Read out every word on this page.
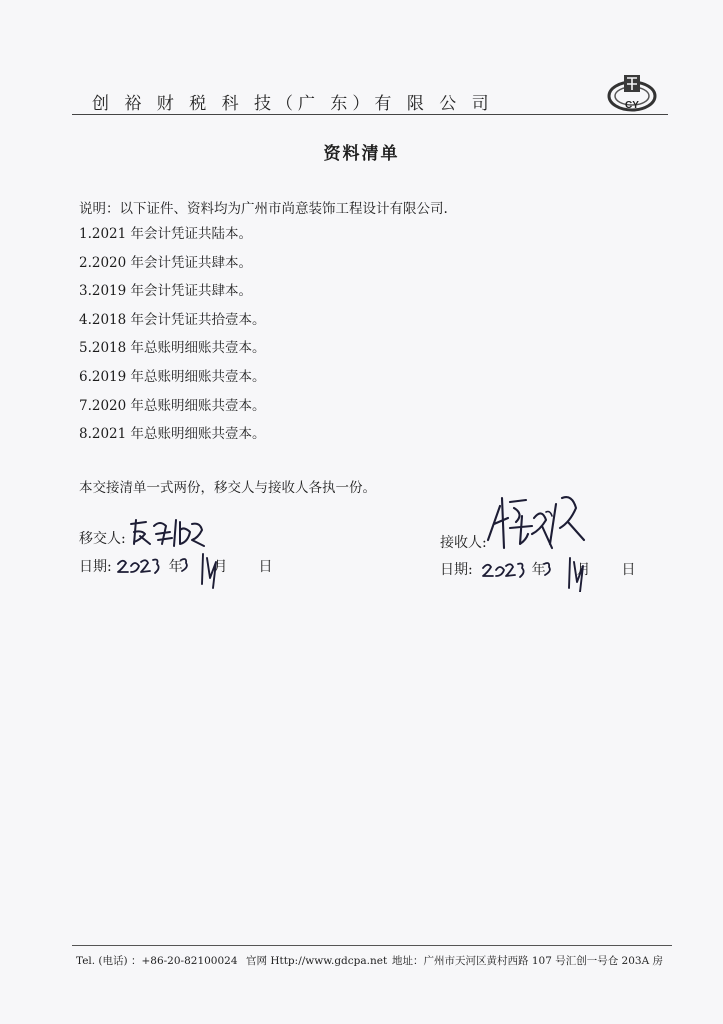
创 裕 财 税 科 技（广 东）有 限 公 司	CY
资料清单
说明：以下证件、资料均为广州市尚意装饰工程设计有限公司.
1.2021 年会计凭证共陆本。
2.2020 年会计凭证共肆本。
3.2019 年会计凭证共肆本。
4.2018 年会计凭证共拾壹本。
5.2018 年总账明细账共壹本。
6.2019 年总账明细账共壹本。
7.2020 年总账明细账共壹本。
8.2021 年总账明细账共壹本。
本交接清单一式两份，移交人与接收人各执一份。
移交人:
日期:	年 月 日
接收人:
日期:	年 月 日
Tel. (电话) ：+86-20-82100024 官网 Http://www.gdcpa.net 地址：广州市天河区黄村西路 107 号汇创一号仓 203A 房
